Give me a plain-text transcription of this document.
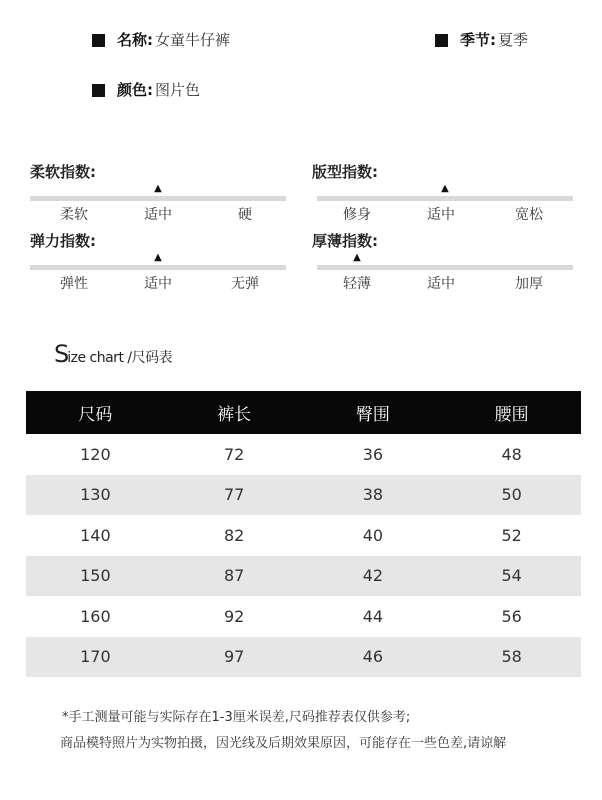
名称: 女童牛仔裤	季节: 夏季
颜色: 图片色
柔软指数:
▲
柔软	适中	硬
版型指数:
▲
修身	适中	宽松
弹力指数:
▲
弹性	适中	无弹
厚薄指数:
▲
轻薄	适中	加厚
Size chart /尺码表
尺码	裤长	臀围	腰围
120	72	36	48
130	77	38	50
140	82	40	52
150	87	42	54
160	92	44	56
170	97	46	58
*手工测量可能与实际存在1-3厘米误差,尺码推荐表仅供参考;
商品模特照片为实物拍摄，因光线及后期效果原因，可能存在一些色差,请谅解
